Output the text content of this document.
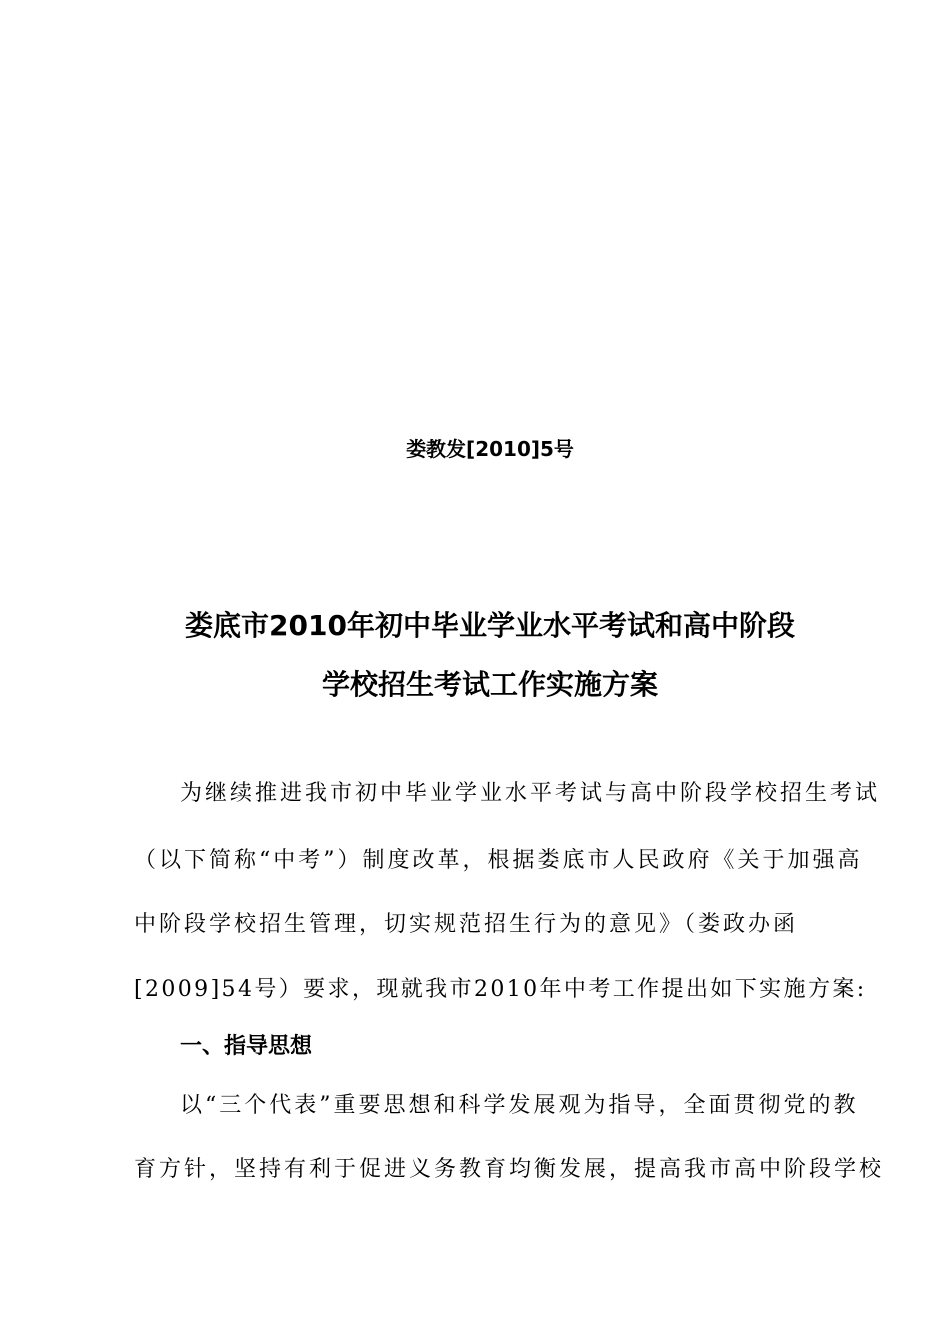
娄教发[2010]5号
娄底市2010年初中毕业学业水平考试和高中阶段
学校招生考试工作实施方案
为继续推进我市初中毕业学业水平考试与高中阶段学校招生考试
（以下简称“中考”）制度改革，根据娄底市人民政府《关于加强高
中阶段学校招生管理，切实规范招生行为的意见》（娄政办函
[2009]54号）要求，现就我市2010年中考工作提出如下实施方案:
一、指导思想
以“三个代表”重要思想和科学发展观为指导，全面贯彻党的教
育方针，坚持有利于促进义务教育均衡发展，提高我市高中阶段学校
